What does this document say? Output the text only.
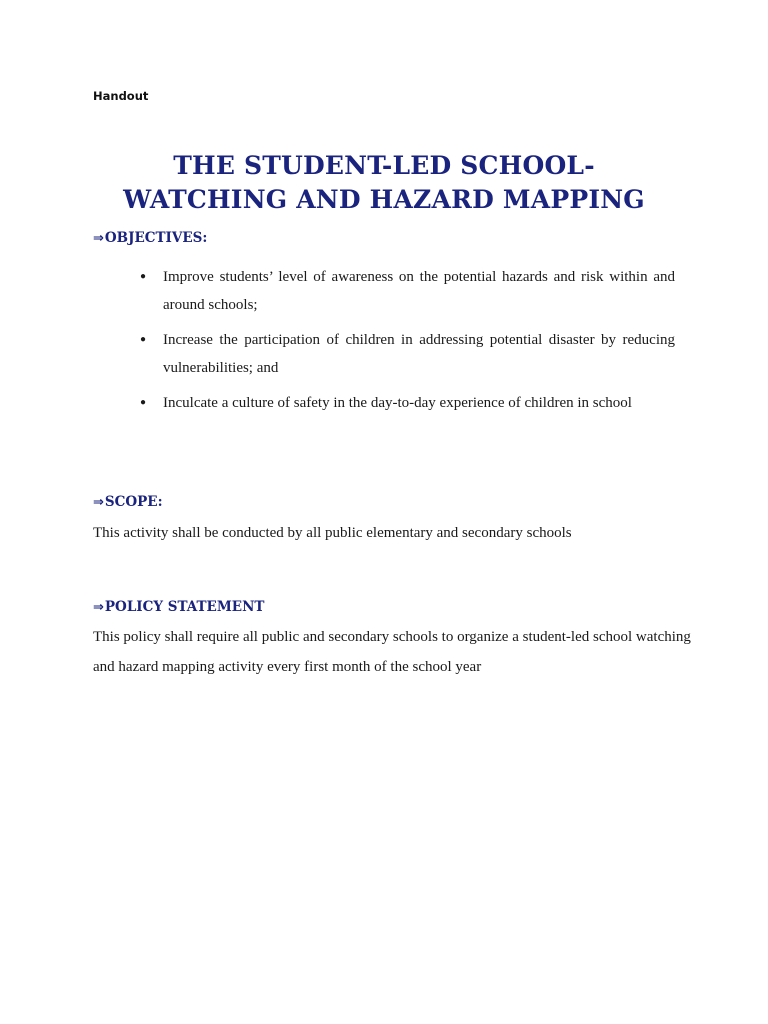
Handout
THE STUDENT-LED SCHOOL-
WATCHING AND HAZARD MAPPING
⇒ OBJECTIVES:
● Improve students’ level of awareness on the potential hazards and risk within and around schools;
● Increase the participation of children in addressing potential disaster by reducing vulnerabilities; and
● Inculcate a culture of safety in the day-to-day experience of children in school
⇒ SCOPE:
This activity shall be conducted by all public elementary and secondary schools
⇒ POLICY STATEMENT
This policy shall require all public and secondary schools to organize a student-led school watching and hazard mapping activity every first month of the school year
